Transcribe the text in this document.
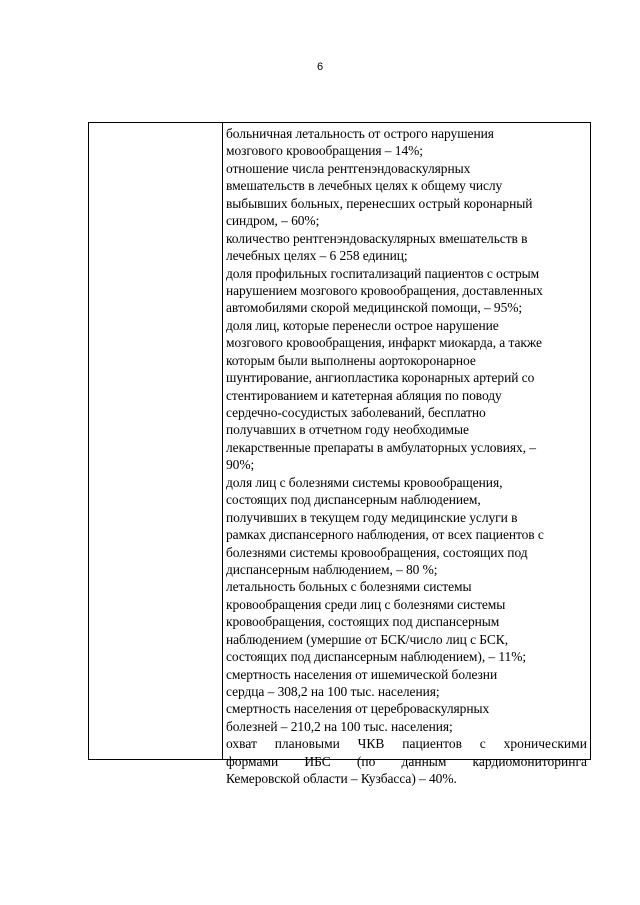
6
больничная летальность от острого нарушения
мозгового кровообращения – 14%;
отношение числа рентгенэндоваскулярных
вмешательств в лечебных целях к общему числу
выбывших больных, перенесших острый коронарный
синдром, – 60%;
количество рентгенэндоваскулярных вмешательств в
лечебных целях – 6 258 единиц;
доля профильных госпитализаций пациентов с острым
нарушением мозгового кровообращения, доставленных
автомобилями скорой медицинской помощи, – 95%;
доля лиц, которые перенесли острое нарушение
мозгового кровообращения, инфаркт миокарда, а также
которым были выполнены аортокоронарное
шунтирование, ангиопластика коронарных артерий со
стентированием и катетерная абляция по поводу
сердечно-сосудистых заболеваний, бесплатно
получавших в отчетном году необходимые
лекарственные препараты в амбулаторных условиях, –
90%;
доля лиц с болезнями системы кровообращения,
состоящих под диспансерным наблюдением,
получивших в текущем году медицинские услуги в
рамках диспансерного наблюдения, от всех пациентов с
болезнями системы кровообращения, состоящих под
диспансерным наблюдением, – 80 %;
летальность больных с болезнями системы
кровообращения среди лиц с болезнями системы
кровообращения, состоящих под диспансерным
наблюдением (умершие от БСК/число лиц с БСК,
состоящих под диспансерным наблюдением), – 11%;
смертность населения от ишемической болезни
сердца – 308,2 на 100 тыс. населения;
смертность населения от цереброваскулярных
болезней – 210,2 на 100 тыс. населения;
охват плановыми ЧКВ пациентов с хроническими
формами ИБС (по данным кардиомониторинга
Кемеровской области – Кузбасса) – 40%.
